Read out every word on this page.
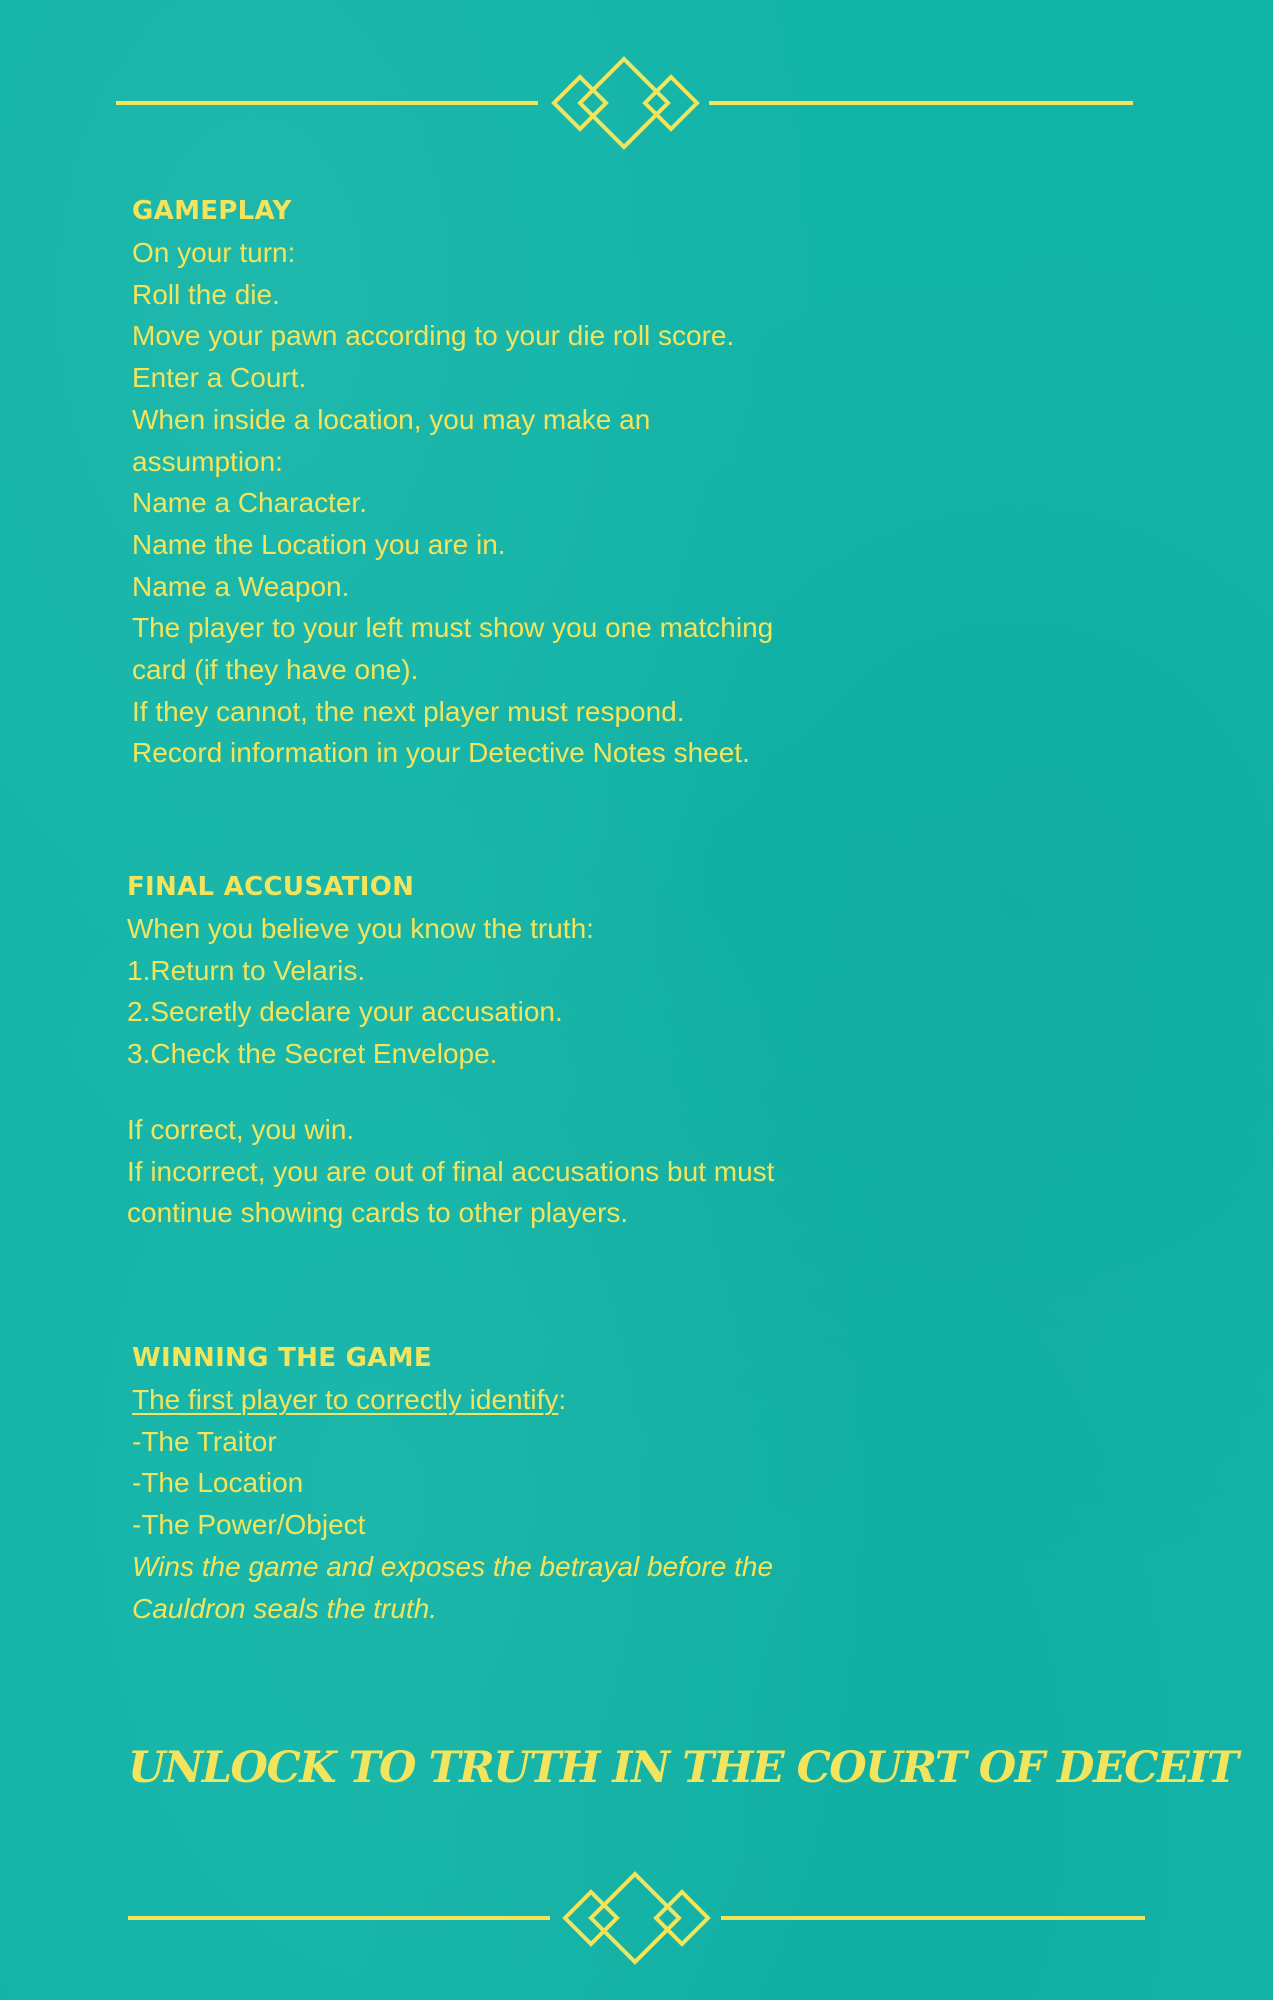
GAMEPLAY
On your turn:
Roll the die.
Move your pawn according to your die roll score.
Enter a Court.
When inside a location, you may make an
assumption:
Name a Character.
Name the Location you are in.
Name a Weapon.
The player to your left must show you one matching
card (if they have one).
If they cannot, the next player must respond.
Record information in your Detective Notes sheet.
FINAL ACCUSATION
When you believe you know the truth:
1.Return to Velaris.
2.Secretly declare your accusation.
3.Check the Secret Envelope.
If correct, you win.
If incorrect, you are out of final accusations but must
continue showing cards to other players.
WINNING THE GAME
The first player to correctly identify:
-The Traitor
-The Location
-The Power/Object
Wins the game and exposes the betrayal before the
Cauldron seals the truth.
UNLOCK TO TRUTH IN THE COURT OF DECEIT
